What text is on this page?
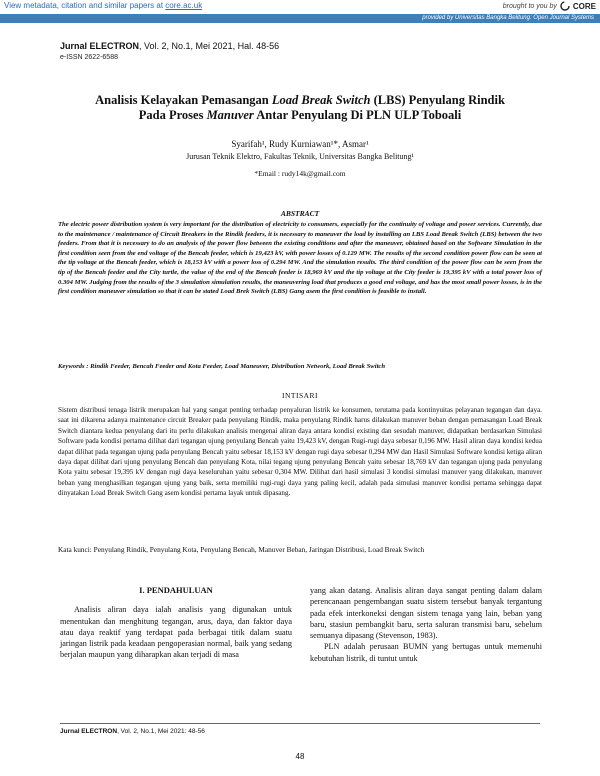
View metadata, citation and similar papers at core.ac.uk	brought to you by CORE
provided by Universitas Bangka Belitung: Open Journal Systems
Jurnal ELECTRON, Vol. 2, No.1, Mei 2021, Hal. 48-56
e-ISSN 2622-6588
Analisis Kelayakan Pemasangan Load Break Switch (LBS) Penyulang Rindik
Pada Proses Manuver Antar Penyulang Di PLN ULP Toboali
Syarifah¹, Rudy Kurniawan¹*, Asmar¹
Jurusan Teknik Elektro, Fakultas Teknik, Universitas Bangka Belitung¹
*Email : rudy14k@gmail.com
ABSTRACT
The electric power distribution system is very important for the distribution of electricity to consumers, especially for the continuity of voltage and power services. Currently, due to the maintenance / maintenance of Circuit Breakers in the Rindik feeders, it is necessary to maneuver the load by installing an LBS Load Break Switch (LBS) between the two feeders. From that it is necessary to do an analysis of the power flow between the existing conditions and after the maneuver, obtained based on the Software Simulation in the first condition seen from the end voltage of the Bencah feeder, which is 19,423 kV, with power losses of 0.129 MW. The results of the second condition power flow can be seen at the tip voltage at the Bencah feeder, which is 18,153 kV with a power loss of 0.294 MW. And the simulation results. The third condition of the power flow can be seen from the tip of the Bencah feeder and the City turtle, the value of the end of the Bencah feeder is 18,969 kV and the tip voltage at the City feeder is 19,395 kV with a total power loss of 0.304 MW. Judging from the results of the 3 simulation simulation results, the maneuvering load that produces a good end voltage, and has the most small power losses, is in the first condition maneuver simulation so that it can be stated Load Brek Switch (LBS) Gang asem the first condition is feasible to install.
Keywords : Rindik Feeder, Bencah Feeder and Kota Feeder, Load Maneuver, Distribution Network, Load Break Switch
INTISARI
Sistem distribusi tenaga listrik merupakan hal yang sangat penting terhadap penyaluran listrik ke konsumen, terutama pada kontinyuitas pelayanan tegangan dan daya. saat ini dikarena adanya maintenance circuit Breaker pada penyulang Rindik, maka penyulang Rindik harus dilakukan manuver beban dengan pemasangan Load Break Switch diantara kedua penyulang dari itu perlu dilakukan analisis mengenai aliran daya antara kondisi existing dan sesudah manuver, didapatkan berdasarkan Simulasi Software pada kondisi pertama dilihat dari tegangan ujung penyulang Bencah yaitu 19,423 kV, dengan Rugi-rugi daya sebesar 0,196 MW. Hasil aliran daya kondisi kedua dapat dilihat pada tegangan ujung pada penyulang Bencah yaitu sebesar 18,153 kV dengan rugi daya sebesar 0,294 MW dan Hasil Simulasi Software kondisi ketiga aliran daya dapat dilihat dari ujung penyulang Bencah dan penyulang Kota, nilai tegang ujung penyulang Bencah yaitu sebesar 18,769 kV dan tegangan ujung pada penyulang Kota yaitu sebesar 19,395 kV dengan rugi daya keseluruhan yaitu sebesar 0,304 MW. Dilihat dari hasil simulasi 3 kondisi simulasi manuver yang dilakukan, manuver beban yang menghasilkan tegangan ujung yang baik, serta memiliki rugi-rugi daya yang paling kecil, adalah pada simulasi manuver kondisi pertama sehingga dapat dinyatakan Load Break Switch Gang asem kondisi pertama layak untuk dipasang.
Kata kunci: Penyulang Rindik, Penyulang Kota, Penyulang Bencah, Manuver Beban, Jaringan Distribusi, Load Break Switch
I. PENDAHULUAN

Analisis aliran daya ialah analisis yang digunakan untuk menentukan dan menghitung tegangan, arus, daya, dan faktor daya atau daya reaktif yang terdapat pada berbagai titik dalam suatu jaringan listrik pada keadaan pengoperasian normal, baik yang sedang berjalan maupun yang diharapkan akan terjadi di masa

yang akan datang. Analisis aliran daya sangat penting dalam dalam perencanaan pengembangan suatu sistem tersebut banyak tergantung pada efek interkoneksi dengan sistem tenaga yang lain, beban yang baru, stasiun pembangkit baru, serta saluran transmisi baru, sebelum semuanya dipasang (Stevenson, 1983).

PLN adalah perusaan BUMN yang bertugas untuk memenuhi kebutuhan listrik, di tuntut untuk

Jurnal ELECTRON, Vol. 2, No.1, Mei 2021: 48-56
48
